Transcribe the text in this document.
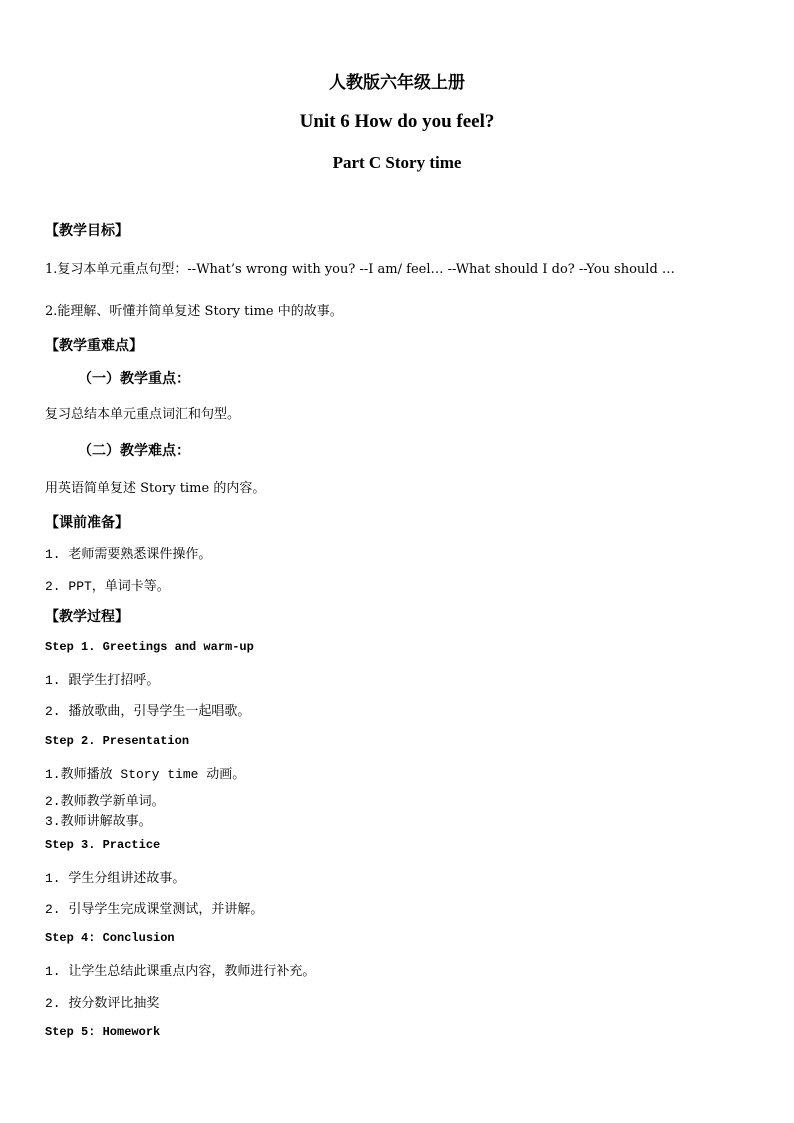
人教版六年级上册

Unit 6 How do you feel?

Part C Story time

【教学目标】

1.复习本单元重点句型：--What’s wrong with you? --I am/ feel… --What should I do? --You should …

2.能理解、听懂并简单复述 Story time 中的故事。

【教学重难点】

（一）教学重点：

复习总结本单元重点词汇和句型。

（二）教学难点：

用英语简单复述 Story time 的内容。

【课前准备】

1. 老师需要熟悉课件操作。

2. PPT，单词卡等。

【教学过程】

Step 1. Greetings and warm-up

1. 跟学生打招呼。

2. 播放歌曲，引导学生一起唱歌。

Step 2. Presentation

1.教师播放 Story time 动画。

2.教师教学新单词。

3.教师讲解故事。

Step 3. Practice

1. 学生分组讲述故事。

2. 引导学生完成课堂测试，并讲解。

Step 4: Conclusion

1. 让学生总结此课重点内容，教师进行补充。

2. 按分数评比抽奖

Step 5: Homework
